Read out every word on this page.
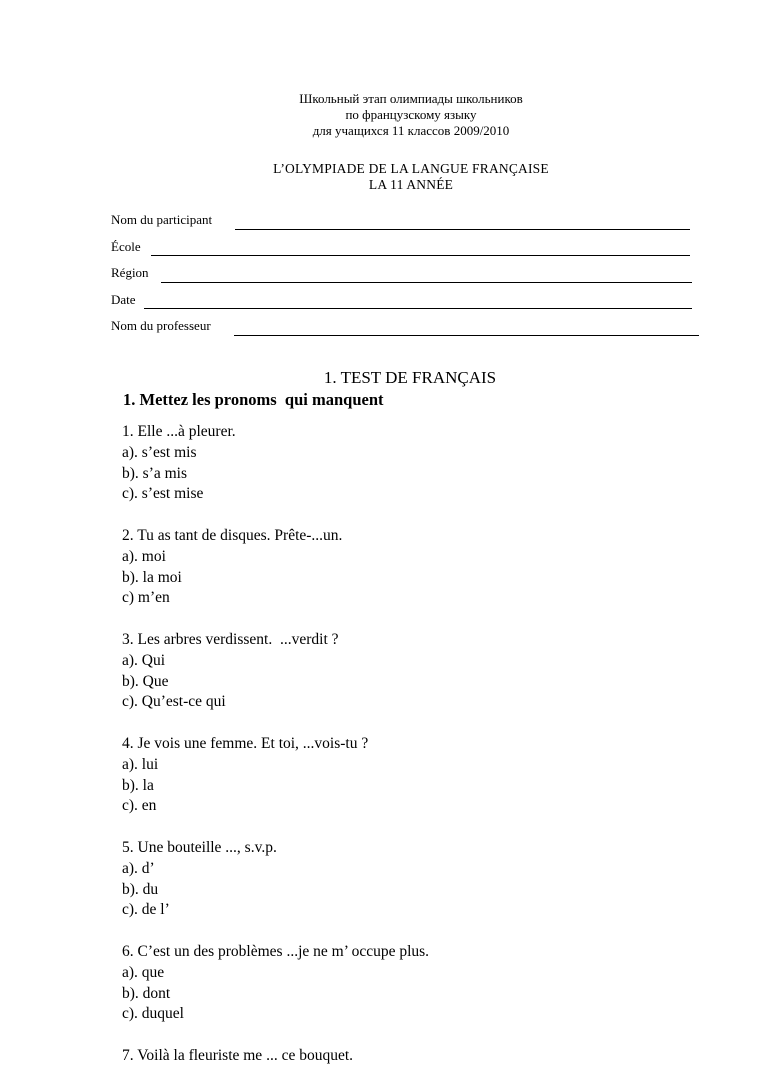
Школьный этап олимпиады школьников
по французскому языку
для учащихся 11 классов 2009/2010
L’OLYMPIADE DE LA LANGUE FRANÇAISE
LA 11 ANNÉE
Nom du participant
École
Région
Date
Nom du professeur
1. TEST DE FRANÇAIS
1. Mettez les pronoms  qui manquent
1. Elle ...à pleurer.
a). s’est mis
b). s’a mis
c). s’est mise
2. Tu as tant de disques. Prête-...un.
a). moi
b). la moi
c) m’en
3. Les arbres verdissent.  ...verdit ?
a). Qui
b). Que
c). Qu’est-ce qui
4. Je vois une femme. Et toi, ...vois-tu ?
a). lui
b). la
c). en
5. Une bouteille ..., s.v.p.
a). d’
b). du
c). de l’
6. C’est un des problèmes ...je ne m’ occupe plus.
a). que
b). dont
c). duquel
7. Voilà la fleuriste me ... ce bouquet.
